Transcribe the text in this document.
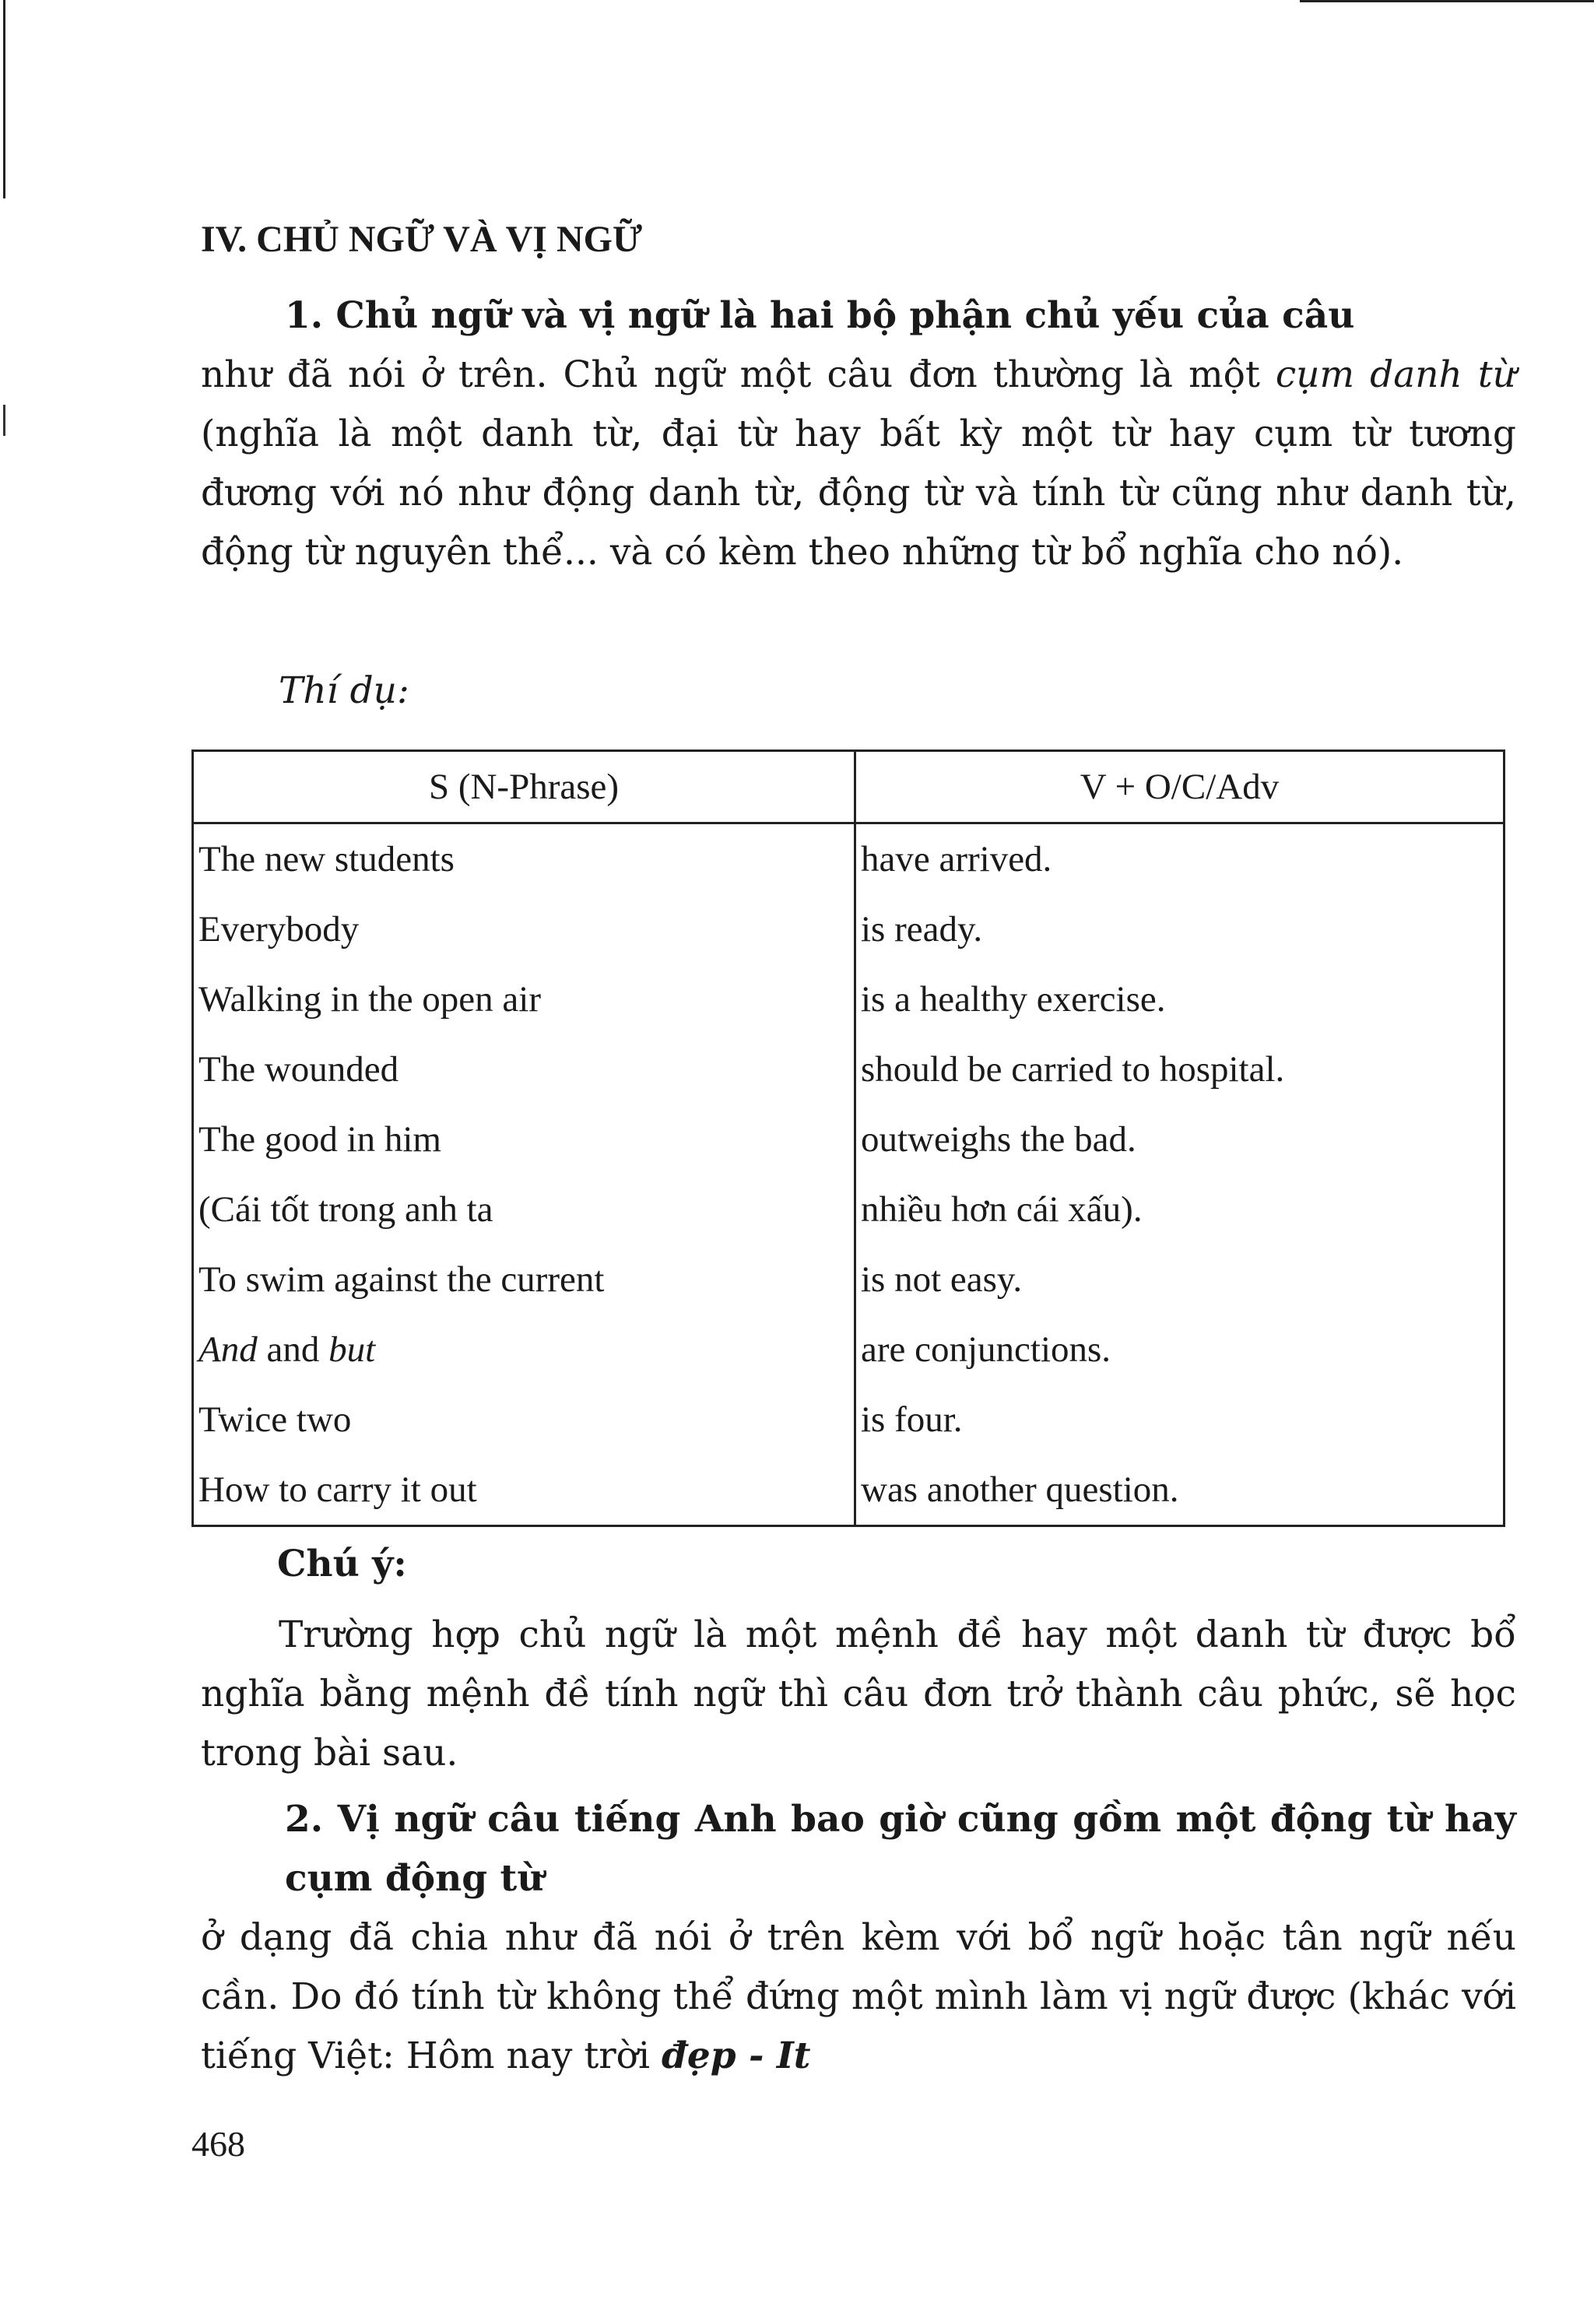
IV. CHỦ NGỮ VÀ VỊ NGỮ
1. Chủ ngữ và vị ngữ là hai bộ phận chủ yếu của câu
như đã nói ở trên. Chủ ngữ một câu đơn thường là một cụm danh từ (nghĩa là một danh từ, đại từ hay bất kỳ một từ hay cụm từ tương đương với nó như động danh từ, động từ và tính từ cũng như danh từ, động từ nguyên thể... và có kèm theo những từ bổ nghĩa cho nó).
Thí dụ:
S (N-Phrase)	V + O/C/Adv
The new students	have arrived.
Everybody	is ready.
Walking in the open air	is a healthy exercise.
The wounded	should be carried to hospital.
The good in him	outweighs the bad.
(Cái tốt trong anh ta	nhiều hơn cái xấu).
To swim against the current	is not easy.
And and but	are conjunctions.
Twice two	is four.
How to carry it out	was another question.
Chú ý:
Trường hợp chủ ngữ là một mệnh đề hay một danh từ được bổ nghĩa bằng mệnh đề tính ngữ thì câu đơn trở thành câu phức, sẽ học trong bài sau.
2. Vị ngữ câu tiếng Anh bao giờ cũng gồm một động từ hay cụm động từ
ở dạng đã chia như đã nói ở trên kèm với bổ ngữ hoặc tân ngữ nếu cần. Do đó tính từ không thể đứng một mình làm vị ngữ được (khác với tiếng Việt: Hôm nay trời đẹp - It
468
